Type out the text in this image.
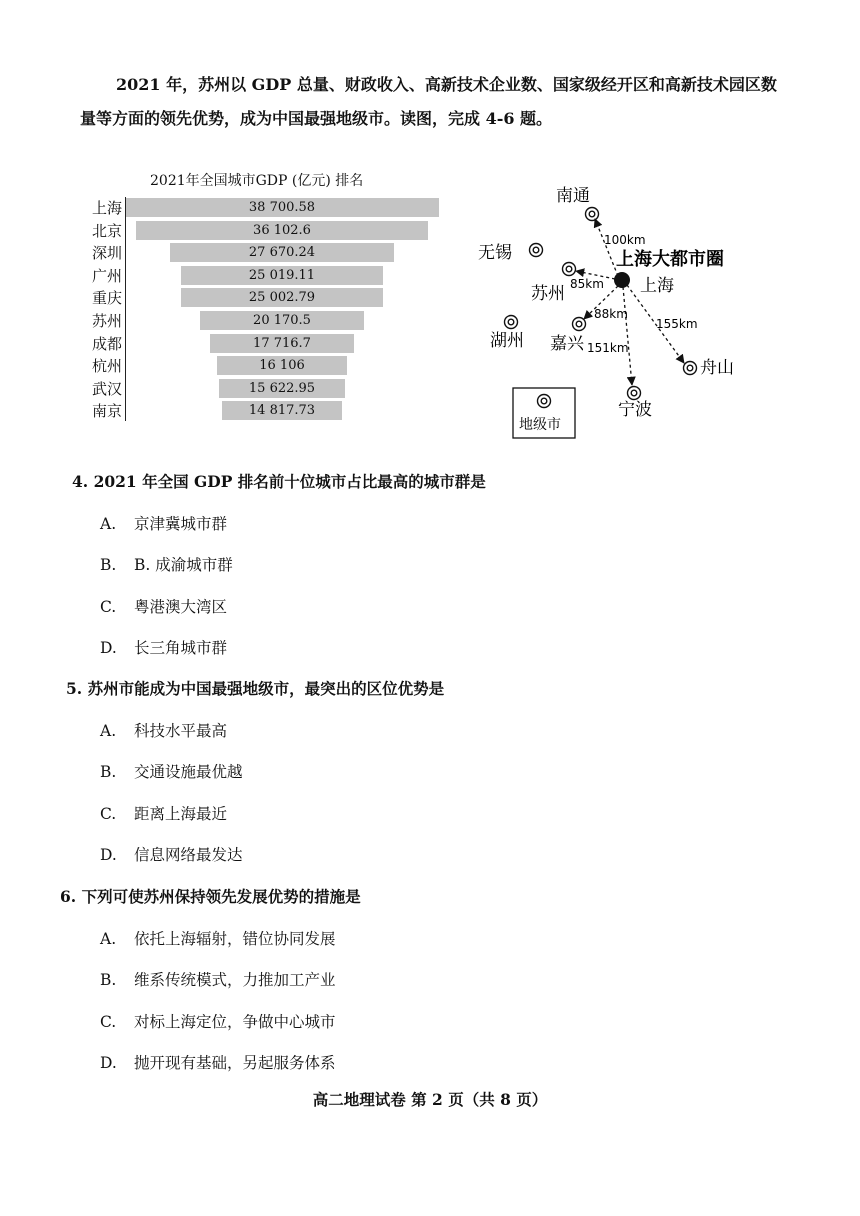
2021 年，苏州以 GDP 总量、财政收入、高新技术企业数、国家级经开区和高新技术园区数
量等方面的领先优势，成为中国最强地级市。读图，完成 4-6 题。
2021年全国城市GDP (亿元) 排名
上海	38 700.58
北京	36 102.6
深圳	27 670.24
广州	25 019.11
重庆	25 002.79
苏州	20 170.5
成都	17 716.7
杭州	16 106
武汉	15 622.95
南京	14 817.73
南通
无锡
苏州
湖州 嘉兴
宁波
舟山
上海
上海大都市圈
100km
85km
88km
151km
155km
地级市
4. 2021 年全国 GDP 排名前十位城市占比最高的城市群是
A. 京津冀城市群
B. B. 成渝城市群
C. 粤港澳大湾区
D. 长三角城市群
5. 苏州市能成为中国最强地级市，最突出的区位优势是
A. 科技水平最高
B. 交通设施最优越
C. 距离上海最近
D. 信息网络最发达
6. 下列可使苏州保持领先发展优势的措施是
A. 依托上海辐射，错位协同发展
B. 维系传统模式，力推加工产业
C. 对标上海定位，争做中心城市
D. 抛开现有基础，另起服务体系
高二地理试卷 第 2 页（共 8 页）
